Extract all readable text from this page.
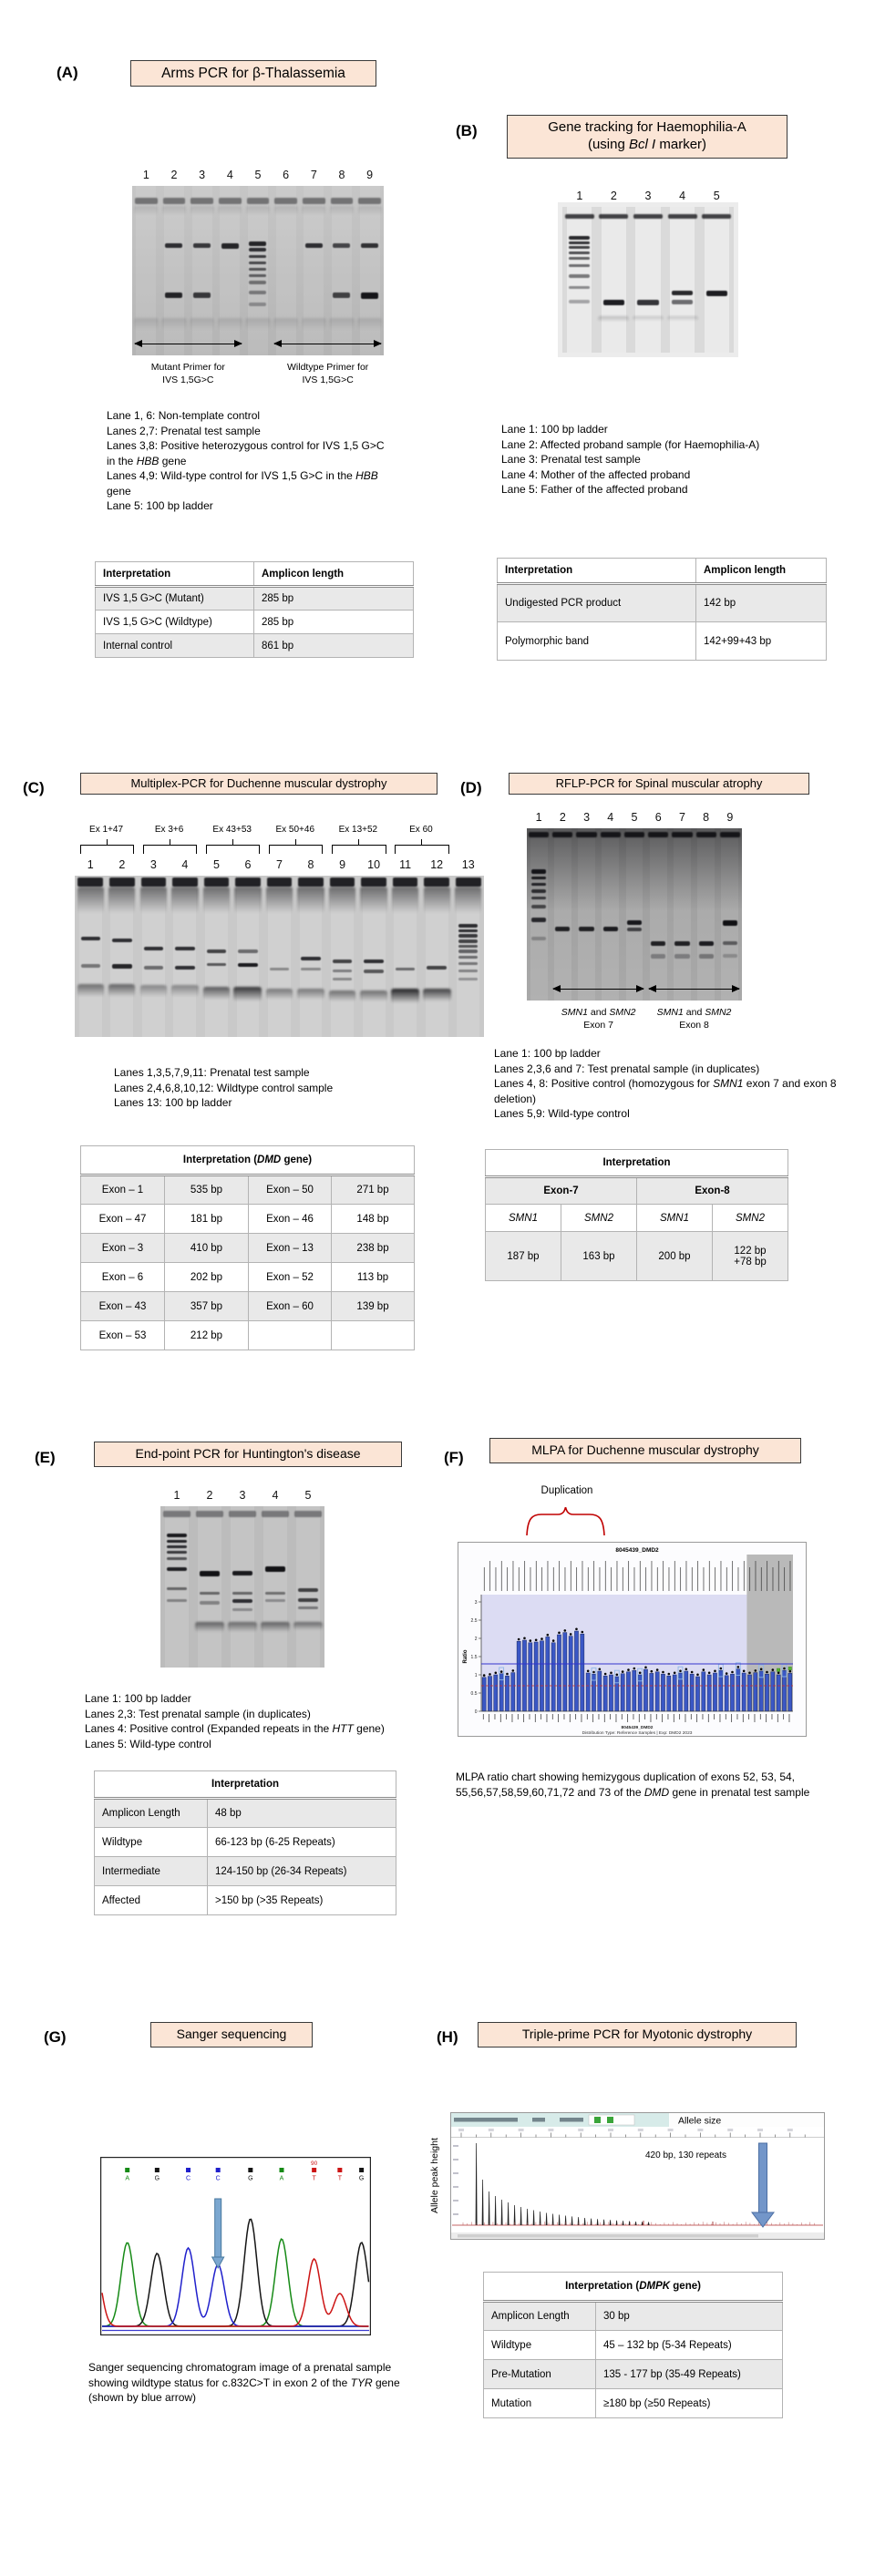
(A)	Arms PCR for β-Thalassemia
1	2	3	4	5	6	7	8	9
Mutant Primer for
IVS 1,5G>C
Wildtype Primer for
IVS 1,5G>C
Lane 1, 6: Non-template control
Lanes 2,7: Prenatal test sample
Lanes 3,8: Positive heterozygous control for IVS 1,5 G>C in the HBB gene
Lanes 4,9: Wild-type control for IVS 1,5 G>C in the HBB gene
Lane 5: 100 bp ladder
Interpretation	Amplicon length
IVS 1,5 G>C (Mutant)	285 bp
IVS 1,5 G>C (Wildtype)	285 bp
Internal control	861 bp
(B)	Gene tracking for Haemophilia-A
(using Bcl I marker)
1	2	3	4	5
Lane 1: 100 bp ladder
Lane 2: Affected proband sample (for Haemophilia-A)
Lane 3: Prenatal test sample
Lane 4: Mother of the affected proband
Lane 5: Father of the affected proband
Interpretation	Amplicon length
Undigested PCR product	142 bp
Polymorphic band	142+99+43 bp
(C)	Multiplex-PCR for Duchenne muscular dystrophy
1	2	3	4	5	6	7	8	9	10	11	12	13
Ex 1+47	Ex 3+6	Ex 43+53	Ex 50+46	Ex 13+52	Ex 60
Lanes 1,3,5,7,9,11: Prenatal test sample
Lanes 2,4,6,8,10,12: Wildtype control sample
Lanes 13: 100 bp ladder
Interpretation (DMD gene)			
Exon – 1	535 bp	Exon – 50	271 bp
Exon – 47	181 bp	Exon – 46	148 bp
Exon – 3	410 bp	Exon – 13	238 bp
Exon – 6	202 bp	Exon – 52	113 bp
Exon – 43	357 bp	Exon – 60	139 bp
Exon – 53	212 bp		
(D)	RFLP-PCR for Spinal muscular atrophy
1	2	3	4	5	6	7	8	9
SMN1 and SMN2
Exon 7
SMN1 and SMN2
Exon 8
Lane 1: 100 bp ladder
Lanes 2,3,6 and 7: Test prenatal sample (in duplicates)
Lanes 4, 8: Positive control (homozygous for SMN1 exon 7 and exon 8 deletion)
Lanes 5,9: Wild-type control
Interpretation			
Exon-7		Exon-8	
SMN1	SMN2	SMN1	SMN2
187 bp	163 bp	200 bp	122 bp
+78 bp
(E)	End-point PCR for Huntington's disease
1	2	3	4	5
Lane 1: 100 bp ladder
Lanes 2,3: Test prenatal sample (in duplicates)
Lanes 4: Positive control (Expanded repeats in the HTT gene)
Lanes 5: Wild-type control
Interpretation	
Amplicon Length	48 bp
Wildtype	66-123 bp (6-25 Repeats)
Intermediate	124-150 bp (26-34 Repeats)
Affected	>150 bp (>35 Repeats)
(F)	MLPA for Duchenne muscular dystrophy
Duplication
8045439_DMD2
0
0.5
1
1.5
2
2.5
3
Ratio
8045439_DMD2
Distribution Type: Reference Samples | Exp: DMD2 2023
MLPA ratio chart showing hemizygous duplication of exons 52, 53, 54, 55,56,57,58,59,60,71,72 and 73 of the DMD gene in prenatal test sample
(G)	Sanger sequencing
A	G	C	C	G	A	T
90
T	G
Sanger sequencing chromatogram image of a prenatal sample showing wildtype status for c.832C>T in exon 2 of the TYR gene (shown by blue arrow)
(H)	Triple-prime PCR for Myotonic dystrophy
Allele peak height
Allele size
420 bp, 130 repeats
Interpretation (DMPK gene)	
Amplicon Length	30 bp
Wildtype	45 – 132 bp (5-34 Repeats)
Pre-Mutation	135 - 177 bp (35-49 Repeats)
Mutation	≥180 bp (≥50 Repeats)
